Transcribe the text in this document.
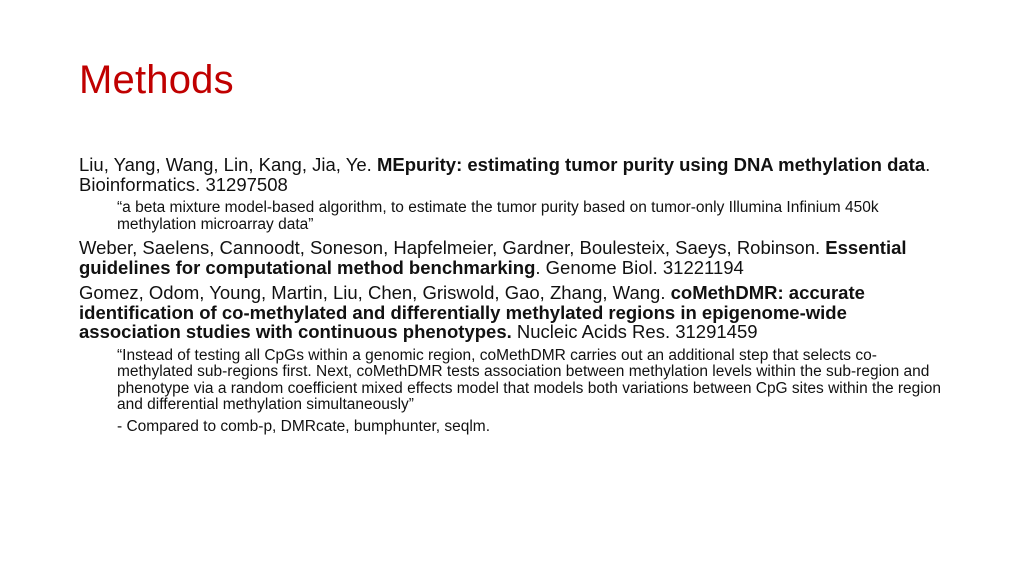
Methods
Liu, Yang, Wang, Lin, Kang, Jia, Ye. MEpurity: estimating tumor purity using DNA methylation data. Bioinformatics. 31297508
“a beta mixture model-based algorithm, to estimate the tumor purity based on tumor-only Illumina Infinium 450k methylation microarray data”
Weber, Saelens, Cannoodt, Soneson, Hapfelmeier, Gardner, Boulesteix, Saeys, Robinson. Essential guidelines for computational method benchmarking. Genome Biol. 31221194
Gomez, Odom, Young, Martin, Liu, Chen, Griswold, Gao, Zhang, Wang. coMethDMR: accurate identification of co-methylated and differentially methylated regions in epigenome-wide association studies with continuous phenotypes. Nucleic Acids Res. 31291459
“Instead of testing all CpGs within a genomic region, coMethDMR carries out an additional step that selects co-methylated sub-regions first. Next, coMethDMR tests association between methylation levels within the sub-region and phenotype via a random coefficient mixed effects model that models both variations between CpG sites within the region and differential methylation simultaneously”
- Compared to comb-p, DMRcate, bumphunter, seqlm.
